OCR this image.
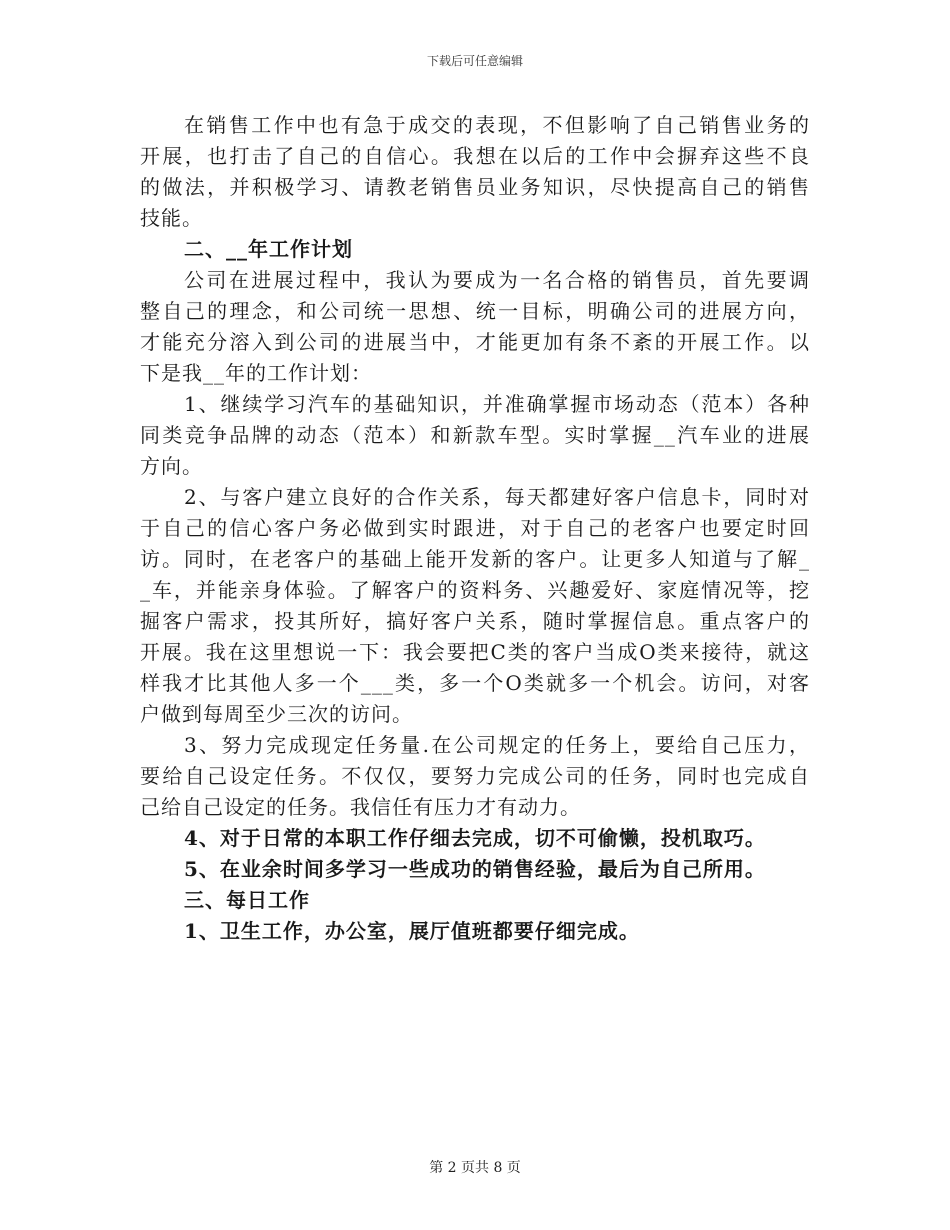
下载后可任意编辑
在销售工作中也有急于成交的表现，不但影响了自己销售业务的
开展，也打击了自己的自信心。我想在以后的工作中会摒弃这些不良
的做法，并积极学习、请教老销售员业务知识，尽快提高自己的销售
技能。
二、__年工作计划
公司在进展过程中，我认为要成为一名合格的销售员，首先要调
整自己的理念，和公司统一思想、统一目标，明确公司的进展方向，
才能充分溶入到公司的进展当中，才能更加有条不紊的开展工作。以
下是我__年的工作计划：
1、继续学习汽车的基础知识，并准确掌握市场动态（范本）各种
同类竞争品牌的动态（范本）和新款车型。实时掌握__汽车业的进展
方向。
2、与客户建立良好的合作关系，每天都建好客户信息卡，同时对
于自己的信心客户务必做到实时跟进，对于自己的老客户也要定时回
访。同时，在老客户的基础上能开发新的客户。让更多人知道与了解_
_车，并能亲身体验。了解客户的资料务、兴趣爱好、家庭情况等，挖
掘客户需求，投其所好，搞好客户关系，随时掌握信息。重点客户的
开展。我在这里想说一下：我会要把C类的客户当成O类来接待，就这
样我才比其他人多一个___类，多一个O类就多一个机会。访问，对客
户做到每周至少三次的访问。
3、努力完成现定任务量.在公司规定的任务上，要给自己压力，
要给自己设定任务。不仅仅，要努力完成公司的任务，同时也完成自
己给自己设定的任务。我信任有压力才有动力。
4、对于日常的本职工作仔细去完成，切不可偷懒，投机取巧。
5、在业余时间多学习一些成功的销售经验，最后为自己所用。
三、每日工作
1、卫生工作，办公室，展厅值班都要仔细完成。
第 2 页共 8 页
